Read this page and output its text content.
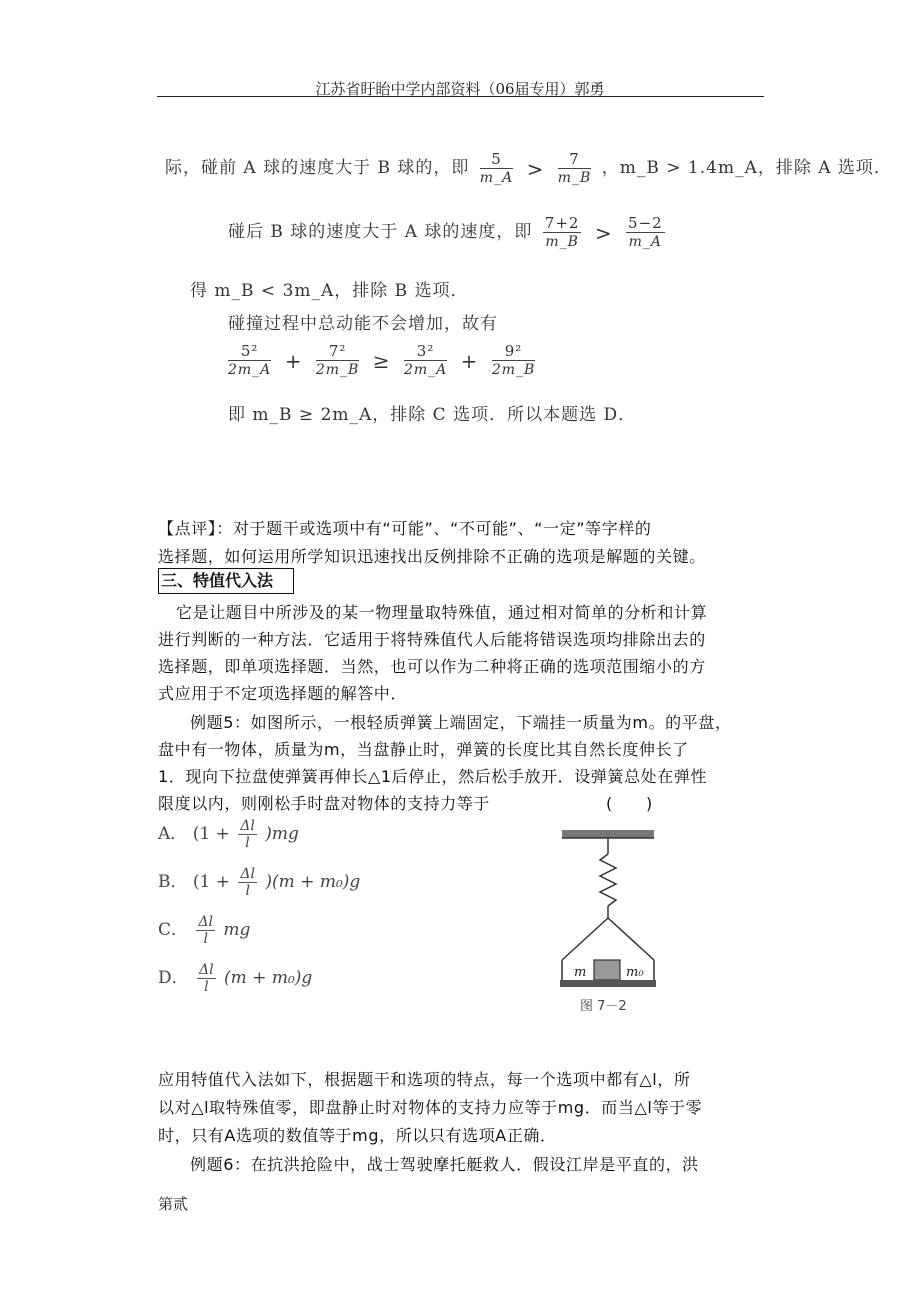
江苏省盱眙中学内部资料（06届专用）郭勇
际，碰前 A 球的速度大于 B 球的，即 $\frac{5}{m\_A} > \frac{7}{m\_B}$ ，m_B > 1.4m_A，排除 A 选项．
碰后 B 球的速度大于 A 球的速度，即 $\frac{7+2}{m\_B} > \frac{5-2}{m\_A}$
得 m_B < 3m_A，排除 B 选项．
碰撞过程中总动能不会增加，故有
$\frac{\text{5²}}{2m\_A} + \frac{\text{7²}}{2m\_B} \ge \frac{\text{3²}}{2m\_A} + \frac{\text{9²}}{2m\_B}$
即 m_B ≥ 2m_A，排除 C 选项．所以本题选 D．
【点评】：对于题干或选项中有“可能”、“不可能”、“一定”等字样的
选择题，如何运用所学知识迅速找出反例排除不正确的选项是解题的关键。
三、特值代入法
它是让题目中所涉及的某一物理量取特殊值，通过相对简单的分析和计算
进行判断的一种方法．它适用于将特殊值代人后能将错误选项均排除出去的
选择题，即单项选择题．当然，也可以作为二种将正确的选项范围缩小的方
式应用于不定项选择题的解答中．
例题5：如图所示，一根轻质弹簧上端固定，下端挂一质量为m。的平盘，
盘中有一物体，质量为m，当盘静止时，弹簧的长度比其自然长度伸长了
1．现向下拉盘使弹簧再伸长△1后停止，然后松手放开．设弹簧总处在弹性
限度以内，则刚松手时盘对物体的支持力等于	(　　)
A． $(1 + \frac{\Delta l}{l} )mg$
B． $(1 + \frac{\Delta l}{l} )(m + m_0)g$
C． $\frac{\Delta l}{l}$ mg
D． $\frac{\Delta l}{l} (m + m_0)g$	m	m₀
图 7－2
应用特值代入法如下，根据题干和选项的特点，每一个选项中都有△l，所
以对△l取特殊值零，即盘静止时对物体的支持力应等于mg．而当△l等于零
时，只有A选项的数值等于mg，所以只有选项A正确．
例题6：在抗洪抢险中，战士驾驶摩托艇救人．假设江岸是平直的，洪
第贰
